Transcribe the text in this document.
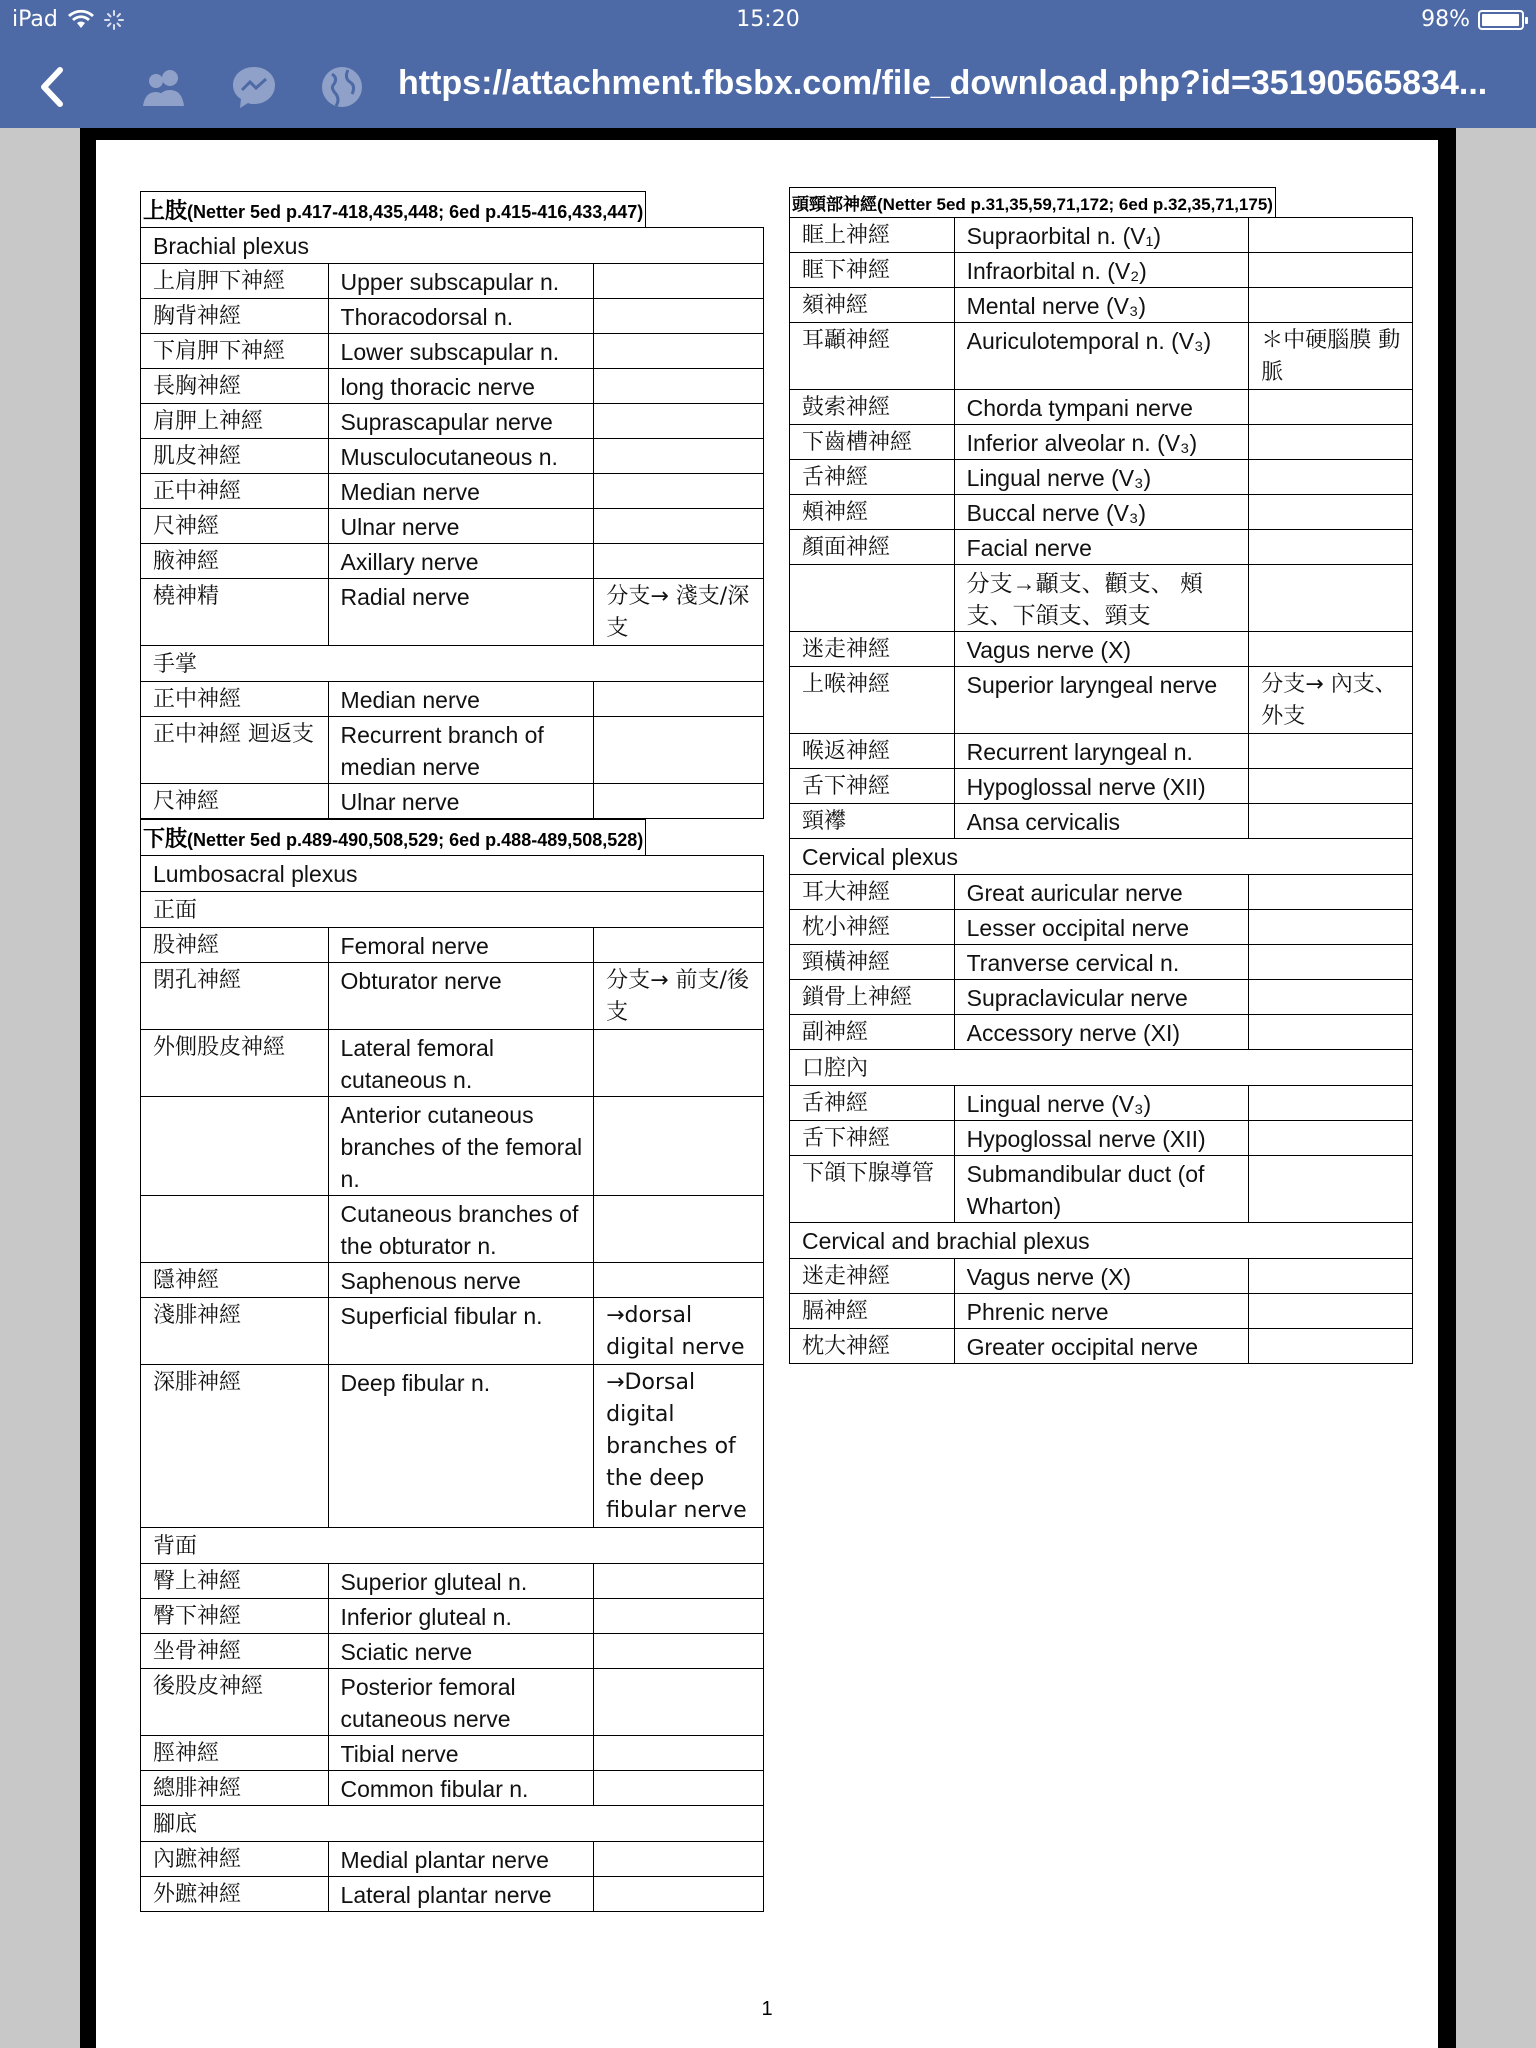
iPad	15:20	98%
https://attachment.fbsbx.com/file_download.php?id=35190565834...
上肢(Netter 5ed p.417-418,435,448; 6ed p.415-416,433,447)
Brachial plexus		
上肩胛下神經	Upper subscapular n.	
胸背神經	Thoracodorsal n.	
下肩胛下神經	Lower subscapular n.	
長胸神經	long thoracic nerve	
肩胛上神經	Suprascapular nerve	
肌皮神經	Musculocutaneous n.	
正中神經	Median nerve	
尺神經	Ulnar nerve	
腋神經	Axillary nerve	
橈神精	Radial nerve	分支→ 淺支/深支
手掌		
正中神經	Median nerve	
正中神經 迴返支	Recurrent branch of median nerve	
尺神經	Ulnar nerve	
下肢(Netter 5ed p.489-490,508,529; 6ed p.488-489,508,528)
Lumbosacral plexus		
正面		
股神經	Femoral nerve	
閉孔神經	Obturator nerve	分支→ 前支/後支
外側股皮神經	Lateral femoral cutaneous n.	
	Anterior cutaneous branches of the femoral n.	
	Cutaneous branches of the obturator n.	
隱神經	Saphenous nerve	
淺腓神經	Superficial fibular n.	→dorsal digital nerve
深腓神經	Deep fibular n.	→Dorsal digital branches of the deep fibular nerve
背面		
臀上神經	Superior gluteal n.	
臀下神經	Inferior gluteal n.	
坐骨神經	Sciatic nerve	
後股皮神經	Posterior femoral cutaneous nerve	
脛神經	Tibial nerve	
總腓神經	Common fibular n.	
腳底		
內蹠神經	Medial plantar nerve	
外蹠神經	Lateral plantar nerve	
頭頸部神經(Netter 5ed p.31,35,59,71,172; 6ed p.32,35,71,175)
眶上神經	Supraorbital n. (V₁)	
眶下神經	Infraorbital n. (V₂)	
頦神經	Mental nerve (V₃)	
耳顳神經	Auriculotemporal n. (V₃)	＊中硬腦膜 動脈
鼓索神經	Chorda tympani nerve	
下齒槽神經	Inferior alveolar n. (V₃)	
舌神經	Lingual nerve (V₃)	
頰神經	Buccal nerve (V₃)	
顏面神經	Facial nerve	
	分支→顳支、顴支、 頰支、下頜支、頸支	
迷走神經	Vagus nerve (X)	
上喉神經	Superior laryngeal nerve	分支→ 內支、外支
喉返神經	Recurrent laryngeal n.	
舌下神經	Hypoglossal nerve (XII)	
頸襻	Ansa cervicalis	
Cervical plexus		
耳大神經	Great auricular nerve	
枕小神經	Lesser occipital nerve	
頸橫神經	Tranverse cervical n.	
鎖骨上神經	Supraclavicular nerve	
副神經	Accessory nerve (XI)	
口腔內		
舌神經	Lingual nerve (V₃)	
舌下神經	Hypoglossal nerve (XII)	
下頜下腺導管	Submandibular duct (of Wharton)	
Cervical and brachial plexus		
迷走神經	Vagus nerve (X)	
膈神經	Phrenic nerve	
枕大神經	Greater occipital nerve	
1
